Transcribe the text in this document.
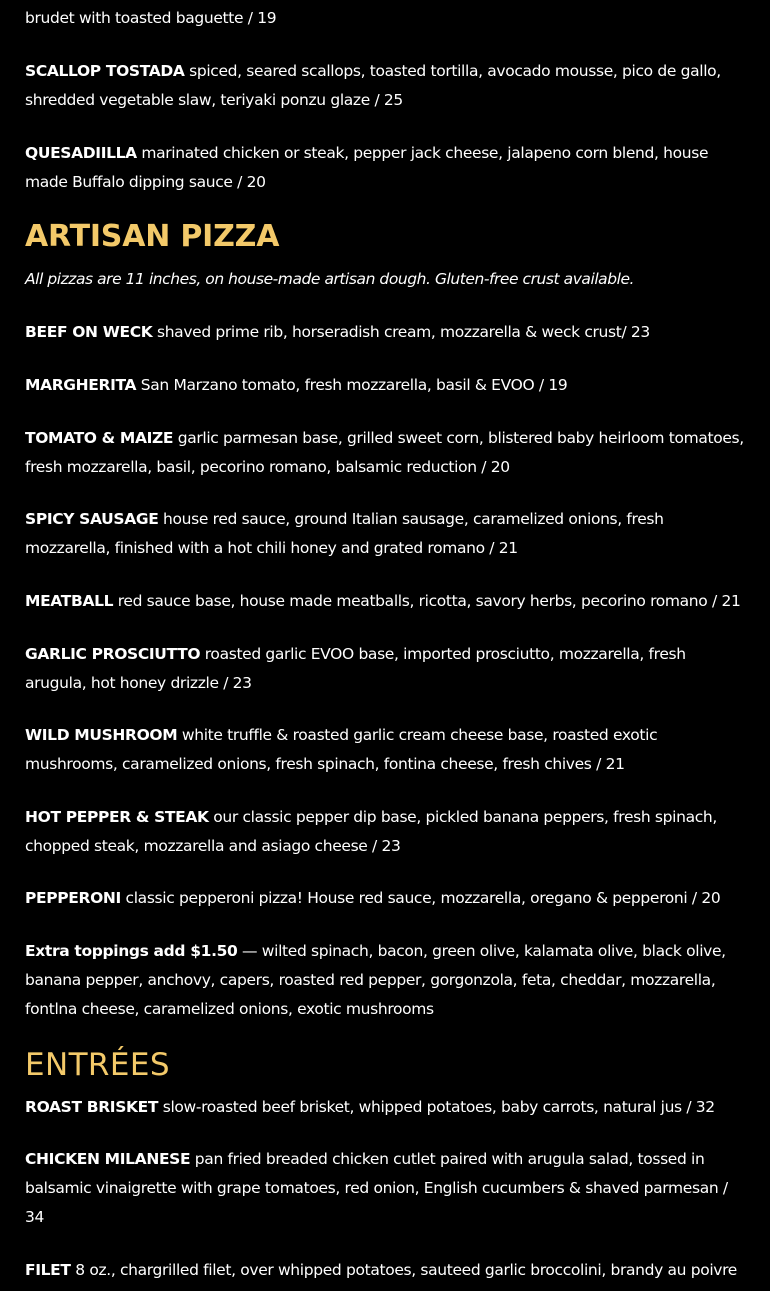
brudet with toasted baguette / 19
SCALLOP TOSTADA spiced, seared scallops, toasted tortilla, avocado mousse, pico de gallo, shredded vegetable slaw, teriyaki ponzu glaze / 25
QUESADIILLA marinated chicken or steak, pepper jack cheese, jalapeno corn blend, house made Buffalo dipping sauce / 20
ARTISAN PIZZA
All pizzas are 11 inches, on house-made artisan dough. Gluten-free crust available.
BEEF ON WECK shaved prime rib, horseradish cream, mozzarella & weck crust/ 23
MARGHERITA San Marzano tomato, fresh mozzarella, basil & EVOO / 19
TOMATO & MAIZE garlic parmesan base, grilled sweet corn, blistered baby heirloom tomatoes, fresh mozzarella, basil, pecorino romano, balsamic reduction / 20
SPICY SAUSAGE house red sauce, ground Italian sausage, caramelized onions, fresh mozzarella, finished with a hot chili honey and grated romano / 21
MEATBALL red sauce base, house made meatballs, ricotta, savory herbs, pecorino romano / 21
GARLIC PROSCIUTTO roasted garlic EVOO base, imported prosciutto, mozzarella, fresh arugula, hot honey drizzle / 23
WILD MUSHROOM white truffle & roasted garlic cream cheese base, roasted exotic mushrooms, caramelized onions, fresh spinach, fontina cheese, fresh chives / 21
HOT PEPPER & STEAK our classic pepper dip base, pickled banana peppers, fresh spinach, chopped steak, mozzarella and asiago cheese / 23
PEPPERONI classic pepperoni pizza! House red sauce, mozzarella, oregano & pepperoni / 20
Extra toppings add $1.50 — wilted spinach, bacon, green olive, kalamata olive, black olive, banana pepper, anchovy, capers, roasted red pepper, gorgonzola, feta, cheddar, mozzarella, fontlna cheese, caramelized onions, exotic mushrooms
ENTRÉES
ROAST BRISKET slow-roasted beef brisket, whipped potatoes, baby carrots, natural jus / 32
CHICKEN MILANESE pan fried breaded chicken cutlet paired with arugula salad, tossed in balsamic vinaigrette with grape tomatoes, red onion, English cucumbers & shaved parmesan / 34
FILET 8 oz., chargrilled filet, over whipped potatoes, sauteed garlic broccolini, brandy au poivre
